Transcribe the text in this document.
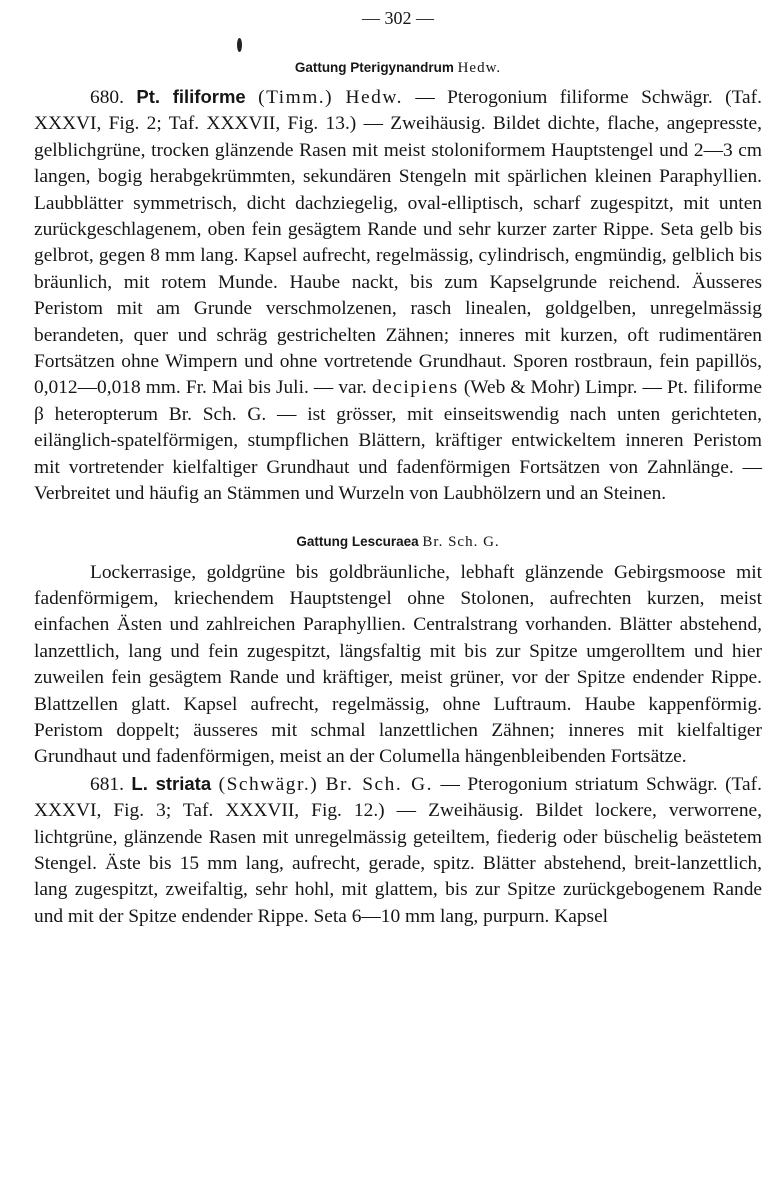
— 302 —
Gattung Pterigynandrum Hedw.

680. Pt. filiforme (Timm.) Hedw. — Pterogonium filiforme Schwägr. (Taf. XXXVI, Fig. 2; Taf. XXXVII, Fig. 13.) — Zweihäusig. Bildet dichte, flache, angepresste, gelblichgrüne, trocken glänzende Rasen mit meist stoloniformem Hauptstengel und 2—3 cm langen, bogig herabgekrümmten, sekundären Stengeln mit spärlichen kleinen Paraphyllien. Laubblätter symmetrisch, dicht dachziegelig, oval-elliptisch, scharf zugespitzt, mit unten zurückgeschlagenem, oben fein gesägtem Rande und sehr kurzer zarter Rippe. Seta gelb bis gelbrot, gegen 8 mm lang. Kapsel aufrecht, regelmässig, cylindrisch, engmündig, gelblich bis bräunlich, mit rotem Munde. Haube nackt, bis zum Kapselgrunde reichend. Äusseres Peristom mit am Grunde verschmolzenen, rasch linealen, goldgelben, unregelmässig berandeten, quer und schräg gestrichelten Zähnen; inneres mit kurzen, oft rudimentären Fortsätzen ohne Wimpern und ohne vortretende Grundhaut. Sporen rostbraun, fein papillös, 0,012—0,018 mm. Fr. Mai bis Juli. — var. decipiens (Web & Mohr) Limpr. — Pt. filiforme β heteropterum Br. Sch. G. — ist grösser, mit einseitswendig nach unten gerichteten, eilänglich-spatelförmigen, stumpflichen Blättern, kräftiger entwickeltem inneren Peristom mit vortretender kielfaltiger Grundhaut und fadenförmigen Fortsätzen von Zahnlänge. — Verbreitet und häufig an Stämmen und Wurzeln von Laubhölzern und an Steinen.

Gattung Lescuraea Br. Sch. G.

Lockerrasige, goldgrüne bis goldbräunliche, lebhaft glänzende Gebirgsmoose mit fadenförmigem, kriechendem Hauptstengel ohne Stolonen, aufrechten kurzen, meist einfachen Ästen und zahlreichen Paraphyllien. Centralstrang vorhanden. Blätter abstehend, lanzettlich, lang und fein zugespitzt, längsfaltig mit bis zur Spitze umgerolltem und hier zuweilen fein gesägtem Rande und kräftiger, meist grüner, vor der Spitze endender Rippe. Blattzellen glatt. Kapsel aufrecht, regelmässig, ohne Luftraum. Haube kappenförmig. Peristom doppelt; äusseres mit schmal lanzettlichen Zähnen; inneres mit kielfaltiger Grundhaut und fadenförmigen, meist an der Columella hängenbleibenden Fortsätze.

681. L. striata (Schwägr.) Br. Sch. G. — Pterogonium striatum Schwägr. (Taf. XXXVI, Fig. 3; Taf. XXXVII, Fig. 12.) — Zweihäusig. Bildet lockere, verworrene, lichtgrüne, glänzende Rasen mit unregelmässig geteiltem, fiederig oder büschelig beästetem Stengel. Äste bis 15 mm lang, aufrecht, gerade, spitz. Blätter abstehend, breit-lanzettlich, lang zugespitzt, zweifaltig, sehr hohl, mit glattem, bis zur Spitze zurückgebogenem Rande und mit der Spitze endender Rippe. Seta 6—10 mm lang, purpurn. Kapsel
